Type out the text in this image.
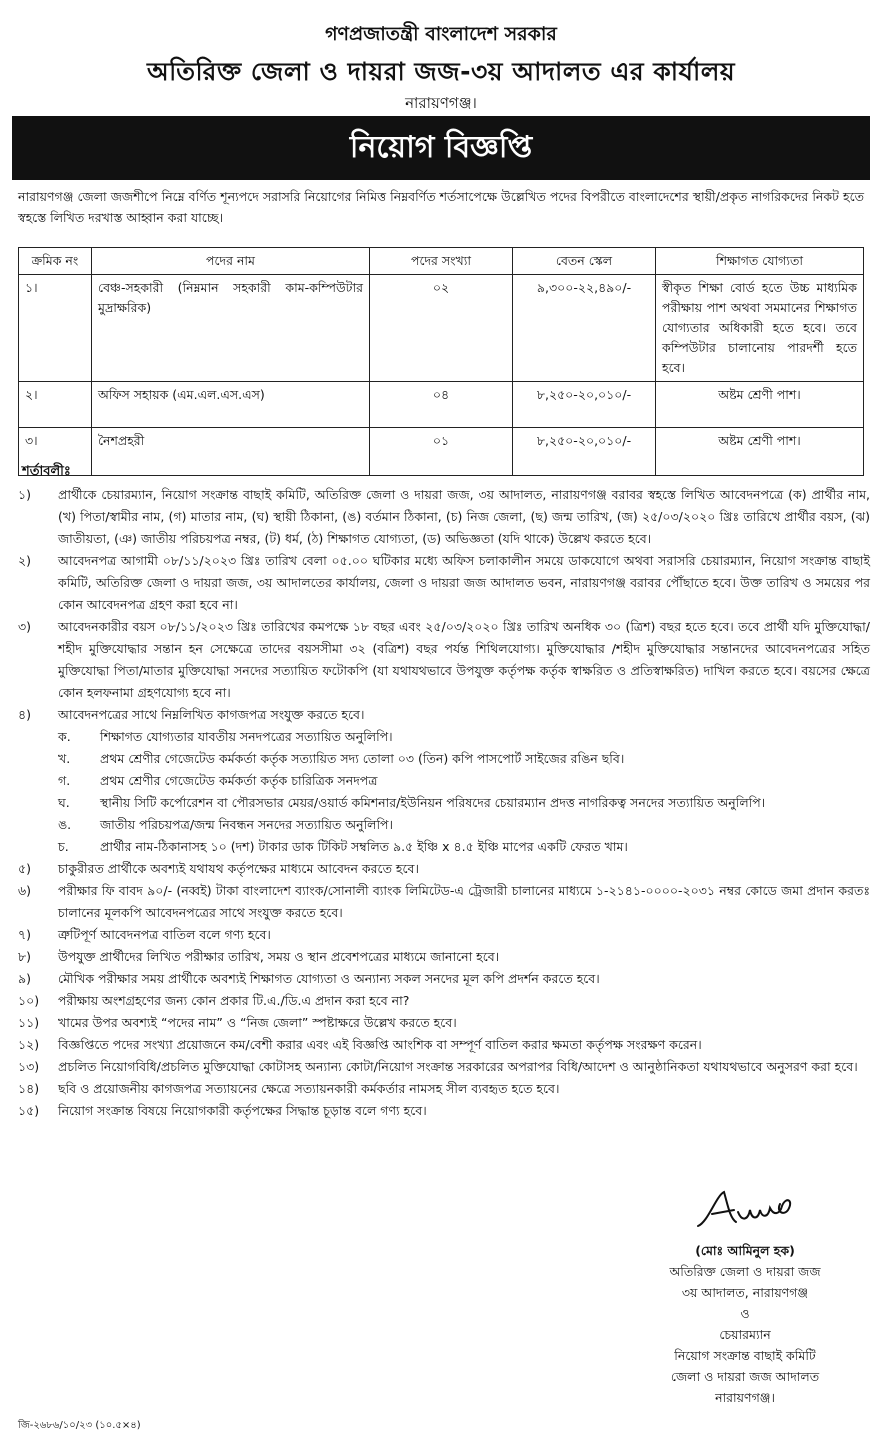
গণপ্রজাতন্ত্রী বাংলাদেশ সরকার
অতিরিক্ত জেলা ও দায়রা জজ-৩য় আদালত এর কার্যালয়
নারায়ণগঞ্জ।
নিয়োগ বিজ্ঞপ্তি
নারায়ণগঞ্জ জেলা জজশীপে নিম্নে বর্ণিত শূন্যপদে সরাসরি নিয়োগের নিমিত্ত নিম্নবর্ণিত শর্তসাপেক্ষে উল্লেখিত পদের বিপরীতে বাংলাদেশের স্থায়ী/প্রকৃত নাগরিকদের নিকট হতে স্বহস্তে লিখিত দরখাস্ত আহ্বান করা যাচ্ছে।
ক্রমিক নং	পদের নাম	পদের সংখ্যা	বেতন স্কেল	শিক্ষাগত যোগ্যতা
১।	বেঞ্চ-সহকারী (নিম্নমান সহকারী কাম-কম্পিউটার মুদ্রাক্ষরিক)	০২	৯,৩০০-২২,৪৯০/-	স্বীকৃত শিক্ষা বোর্ড হতে উচ্চ মাধ্যমিক পরীক্ষায় পাশ অথবা সমমানের শিক্ষাগত যোগ্যতার অধিকারী হতে হবে। তবে কম্পিউটার চালানোয় পারদর্শী হতে হবে।
২।	অফিস সহায়ক (এম.এল.এস.এস)	০৪	৮,২৫০-২০,০১০/-	অষ্টম শ্রেণী পাশ।
৩।	নৈশপ্রহরী	০১	৮,২৫০-২০,০১০/-	অষ্টম শ্রেণী পাশ।
শর্তাবলীঃ
১)	প্রার্থীকে চেয়ারম্যান, নিয়োগ সংক্রান্ত বাছাই কমিটি, অতিরিক্ত জেলা ও দায়রা জজ, ৩য় আদালত, নারায়ণগঞ্জ বরাবর স্বহস্তে লিখিত আবেদনপত্রে (ক) প্রার্থীর নাম, (খ) পিতা/স্বামীর নাম, (গ) মাতার নাম, (ঘ) স্থায়ী ঠিকানা, (ঙ) বর্তমান ঠিকানা, (চ) নিজ জেলা, (ছ) জন্ম তারিখ, (জ) ২৫/০৩/২০২০ খ্রিঃ তারিখে প্রার্থীর বয়স, (ঝ) জাতীয়তা, (ঞ) জাতীয় পরিচয়পত্র নম্বর, (ট) ধর্ম, (ঠ) শিক্ষাগত যোগ্যতা, (ড) অভিজ্ঞতা (যদি থাকে) উল্লেখ করতে হবে।
২)	আবেদনপত্র আগামী ০৮/১১/২০২৩ খ্রিঃ তারিখ বেলা ০৫.০০ ঘটিকার মধ্যে অফিস চলাকালীন সময়ে ডাকযোগে অথবা সরাসরি চেয়ারম্যান, নিয়োগ সংক্রান্ত বাছাই কমিটি, অতিরিক্ত জেলা ও দায়রা জজ, ৩য় আদালতের কার্যালয়, জেলা ও দায়রা জজ আদালত ভবন, নারায়ণগঞ্জ বরাবর পৌঁছাতে হবে। উক্ত তারিখ ও সময়ের পর কোন আবেদনপত্র গ্রহণ করা হবে না।
৩)	আবেদনকারীর বয়স ০৮/১১/২০২৩ খ্রিঃ তারিখের কমপক্ষে ১৮ বছর এবং ২৫/০৩/২০২০ খ্রিঃ তারিখ অনধিক ৩০ (ত্রিশ) বছর হতে হবে। তবে প্রার্থী যদি মুক্তিযোদ্ধা/শহীদ মুক্তিযোদ্ধার সন্তান হন সেক্ষেত্রে তাদের বয়সসীমা ৩২ (বত্রিশ) বছর পর্যন্ত শিথিলযোগ্য। মুক্তিযোদ্ধার /শহীদ মুক্তিযোদ্ধার সন্তানদের আবেদনপত্রের সহিত মুক্তিযোদ্ধা পিতা/মাতার মুক্তিযোদ্ধা সনদের সত্যায়িত ফটোকপি (যা যথাযথভাবে উপযুক্ত কর্তৃপক্ষ কর্তৃক স্বাক্ষরিত ও প্রতিস্বাক্ষরিত) দাখিল করতে হবে। বয়সের ক্ষেত্রে কোন হলফনামা গ্রহণযোগ্য হবে না।
৪)	আবেদনপত্রের সাথে নিম্নলিখিত কাগজপত্র সংযুক্ত করতে হবে।
ক.	শিক্ষাগত যোগ্যতার যাবতীয় সনদপত্রের সত্যায়িত অনুলিপি।
খ.	প্রথম শ্রেণীর গেজেটেড কর্মকর্তা কর্তৃক সত্যায়িত সদ্য তোলা ০৩ (তিন) কপি পাসপোর্ট সাইজের রঙিন ছবি।
গ.	প্রথম শ্রেণীর গেজেটেড কর্মকর্তা কর্তৃক চারিত্রিক সনদপত্র
ঘ.	স্থানীয় সিটি কর্পোরেশন বা পৌরসভার মেয়র/ওয়ার্ড কমিশনার/ইউনিয়ন পরিষদের চেয়ারম্যান প্রদত্ত নাগরিকত্ব সনদের সত্যায়িত অনুলিপি।
ঙ.	জাতীয় পরিচয়পত্র/জন্ম নিবন্ধন সনদের সত্যায়িত অনুলিপি।
চ.	প্রার্থীর নাম-ঠিকানাসহ ১০ (দশ) টাকার ডাক টিকিট সম্বলিত ৯.৫ ইঞ্চি x ৪.৫ ইঞ্চি মাপের একটি ফেরত খাম।
৫)	চাকুরীরত প্রার্থীকে অবশ্যই যথাযথ কর্তৃপক্ষের মাধ্যমে আবেদন করতে হবে।
৬)	পরীক্ষার ফি বাবদ ৯০/- (নব্বই) টাকা বাংলাদেশ ব্যাংক/সোনালী ব্যাংক লিমিটেড-এ ট্রেজারী চালানের মাধ্যমে ১-২১৪১-০০০০-২০৩১ নম্বর কোডে জমা প্রদান করতঃ চালানের মূলকপি আবেদনপত্রের সাথে সংযুক্ত করতে হবে।
৭)	ত্রুটিপূর্ণ আবেদনপত্র বাতিল বলে গণ্য হবে।
৮)	উপযুক্ত প্রার্থীদের লিখিত পরীক্ষার তারিখ, সময় ও স্থান প্রবেশপত্রের মাধ্যমে জানানো হবে।
৯)	মৌখিক পরীক্ষার সময় প্রার্থীকে অবশ্যই শিক্ষাগত যোগ্যতা ও অন্যান্য সকল সনদের মূল কপি প্রদর্শন করতে হবে।
১০)	পরীক্ষায় অংশগ্রহণের জন্য কোন প্রকার টি.এ./ডি.এ প্রদান করা হবে না?
১১)	খামের উপর অবশ্যই “পদের নাম” ও “নিজ জেলা” স্পষ্টাক্ষরে উল্লেখ করতে হবে।
১২)	বিজ্ঞপ্তিতে পদের সংখ্যা প্রয়োজনে কম/বেশী করার এবং এই বিজ্ঞপ্তি আংশিক বা সম্পূর্ণ বাতিল করার ক্ষমতা কর্তৃপক্ষ সংরক্ষণ করেন।
১৩)	প্রচলিত নিয়োগবিধি/প্রচলিত মুক্তিযোদ্ধা কোটাসহ অন্যান্য কোটা/নিয়োগ সংক্রান্ত সরকারের অপরাপর বিধি/আদেশ ও আনুষ্ঠানিকতা যথাযথভাবে অনুসরণ করা হবে।
১৪)	ছবি ও প্রয়োজনীয় কাগজপত্র সত্যায়নের ক্ষেত্রে সত্যায়নকারী কর্মকর্তার নামসহ সীল ব্যবহৃত হতে হবে।
১৫)	নিয়োগ সংক্রান্ত বিষয়ে নিয়োগকারী কর্তৃপক্ষের সিদ্ধান্ত চূড়ান্ত বলে গণ্য হবে।
(মোঃ আমিনুল হক)
অতিরিক্ত জেলা ও দায়রা জজ
৩য় আদালত, নারায়ণগঞ্জ
ও
চেয়ারম্যান
নিয়োগ সংক্রান্ত বাছাই কমিটি
জেলা ও দায়রা জজ আদালত
নারায়ণগঞ্জ।
জি-২৬৮৬/১০/২৩ (১০.৫×৪)
